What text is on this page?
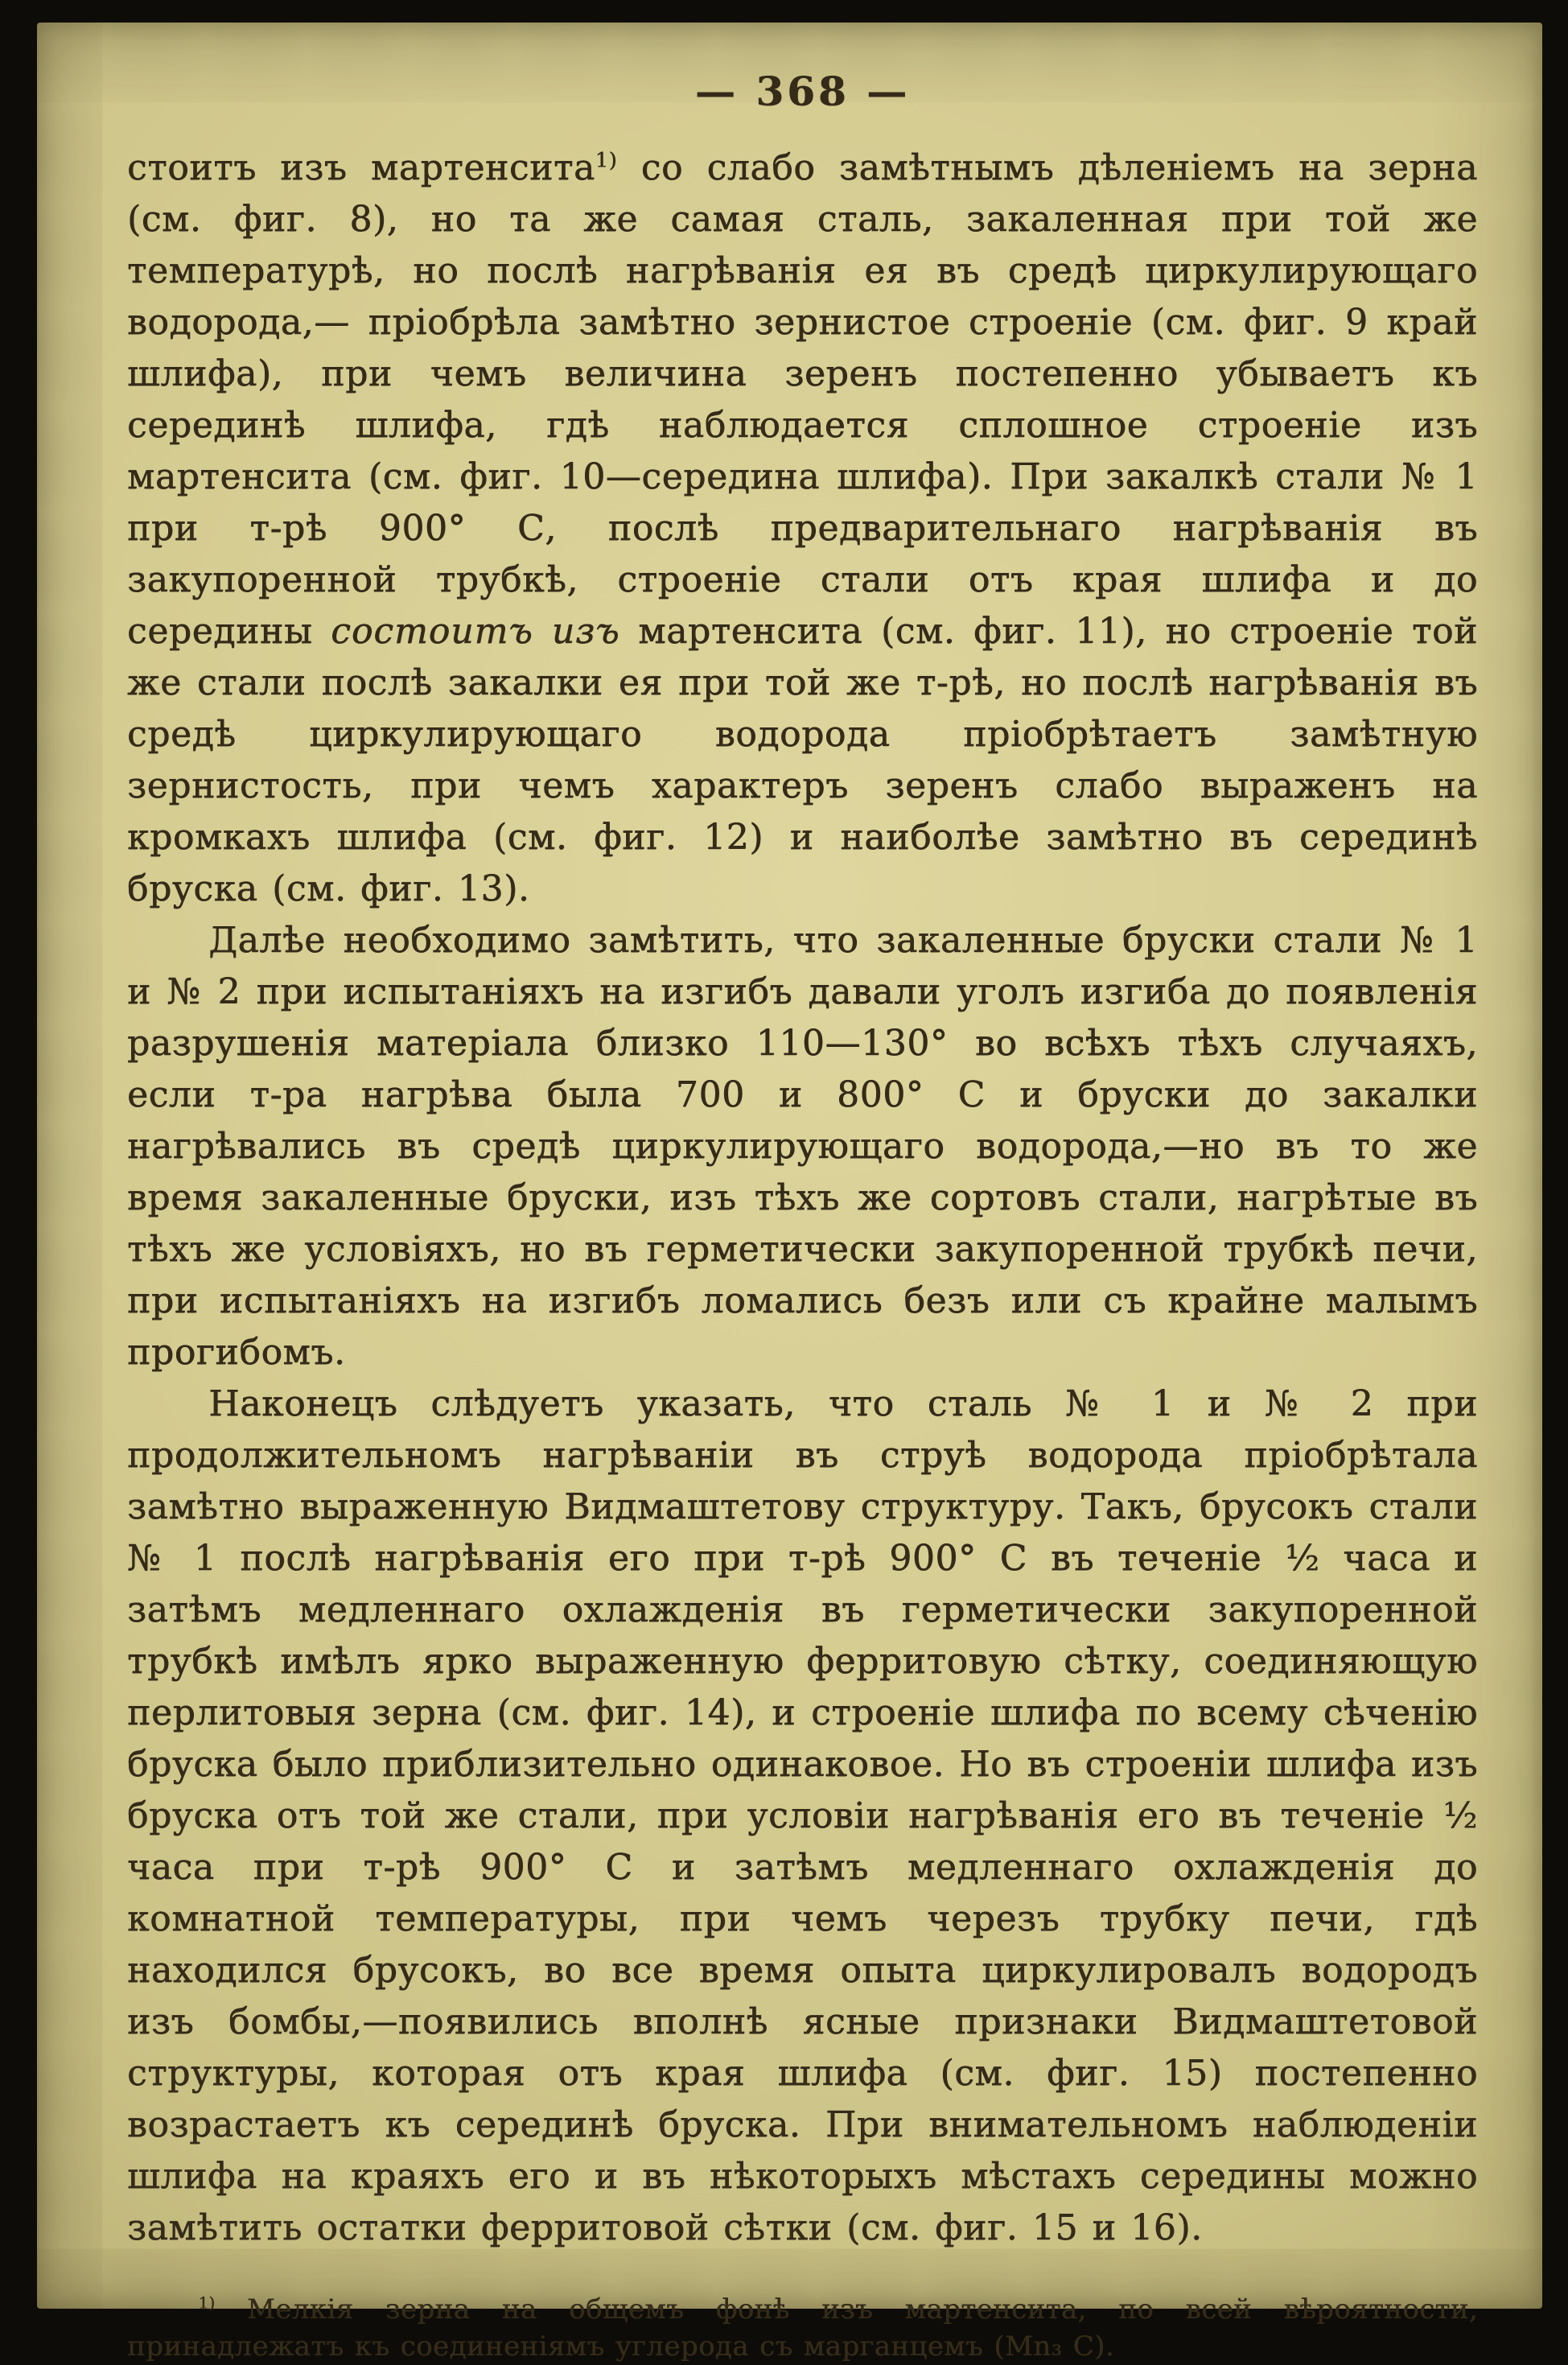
— 368 —

стоитъ изъ мартенсита$^{1)}$ со слабо замѣтнымъ дѣленіемъ на зерна (см. фиг. 8), но та же самая сталь, закаленная при той же температурѣ, но послѣ нагрѣванія ея въ средѣ циркулирующаго водорода,— пріобрѣла замѣтно зернистое строеніе (см. фиг. 9 край шлифа), при чемъ величина зеренъ постепенно убываетъ къ серединѣ шлифа, гдѣ наблюдается сплошное строеніе изъ мартенсита (см. фиг. 10—середина шлифа). При закалкѣ стали № 1 при т-рѣ 900° С, послѣ предварительнаго нагрѣванія въ закупоренной трубкѣ, строеніе стали отъ края шлифа и до середины состоитъ изъ мартенсита (см. фиг. 11), но строеніе той же стали послѣ закалки ея при той же т-рѣ, но послѣ нагрѣванія въ средѣ циркулирующаго водорода пріобрѣтаетъ замѣтную зернистость, при чемъ характеръ зеренъ слабо выраженъ на кромкахъ шлифа (см. фиг. 12) и наиболѣе замѣтно въ серединѣ бруска (см. фиг. 13).

Далѣе необходимо замѣтить, что закаленные бруски стали № 1 и № 2 при испытаніяхъ на изгибъ давали уголъ изгиба до появленія разрушенія матеріала близко 110—130° во всѣхъ тѣхъ случаяхъ, если т-ра нагрѣва была 700 и 800° С и бруски до закалки нагрѣвались въ средѣ циркулирующаго водорода,—но въ то же время закаленные бруски, изъ тѣхъ же сортовъ стали, нагрѣтые въ тѣхъ же условіяхъ, но въ герметически закупоренной трубкѣ печи, при испытаніяхъ на изгибъ ломались безъ или съ крайне малымъ прогибомъ.

Наконецъ слѣдуетъ указать, что сталь № 1 и № 2 при продолжительномъ нагрѣваніи въ струѣ водорода пріобрѣтала замѣтно выраженную Видмаштетову структуру. Такъ, брусокъ стали № 1 послѣ нагрѣванія его при т-рѣ 900° С въ теченіе ½ часа и затѣмъ медленнаго охлажденія въ герметически закупоренной трубкѣ имѣлъ ярко выраженную ферритовую сѣтку, соединяющую перлитовыя зерна (см. фиг. 14), и строеніе шлифа по всему сѣченію бруска было приблизительно одинаковое. Но въ строеніи шлифа изъ бруска отъ той же стали, при условіи нагрѣванія его въ теченіе ½ часа при т-рѣ 900° С и затѣмъ медленнаго охлажденія до комнатной температуры, при чемъ черезъ трубку печи, гдѣ находился брусокъ, во все время опыта циркулировалъ водородъ изъ бомбы,—появились вполнѣ ясные признаки Видмаштетовой структуры, которая отъ края шлифа (см. фиг. 15) постепенно возрастаетъ къ серединѣ бруска. При внимательномъ наблюденіи шлифа на краяхъ его и въ нѣкоторыхъ мѣстахъ середины можно замѣтить остатки ферритовой сѣтки (см. фиг. 15 и 16).

$^{1)}$ Мелкія зерна на общемъ фонѣ изъ мартенсита, по всей вѣроятности, принадлежатъ къ соединеніямъ углерода съ марганцемъ (Мn₃ С).
